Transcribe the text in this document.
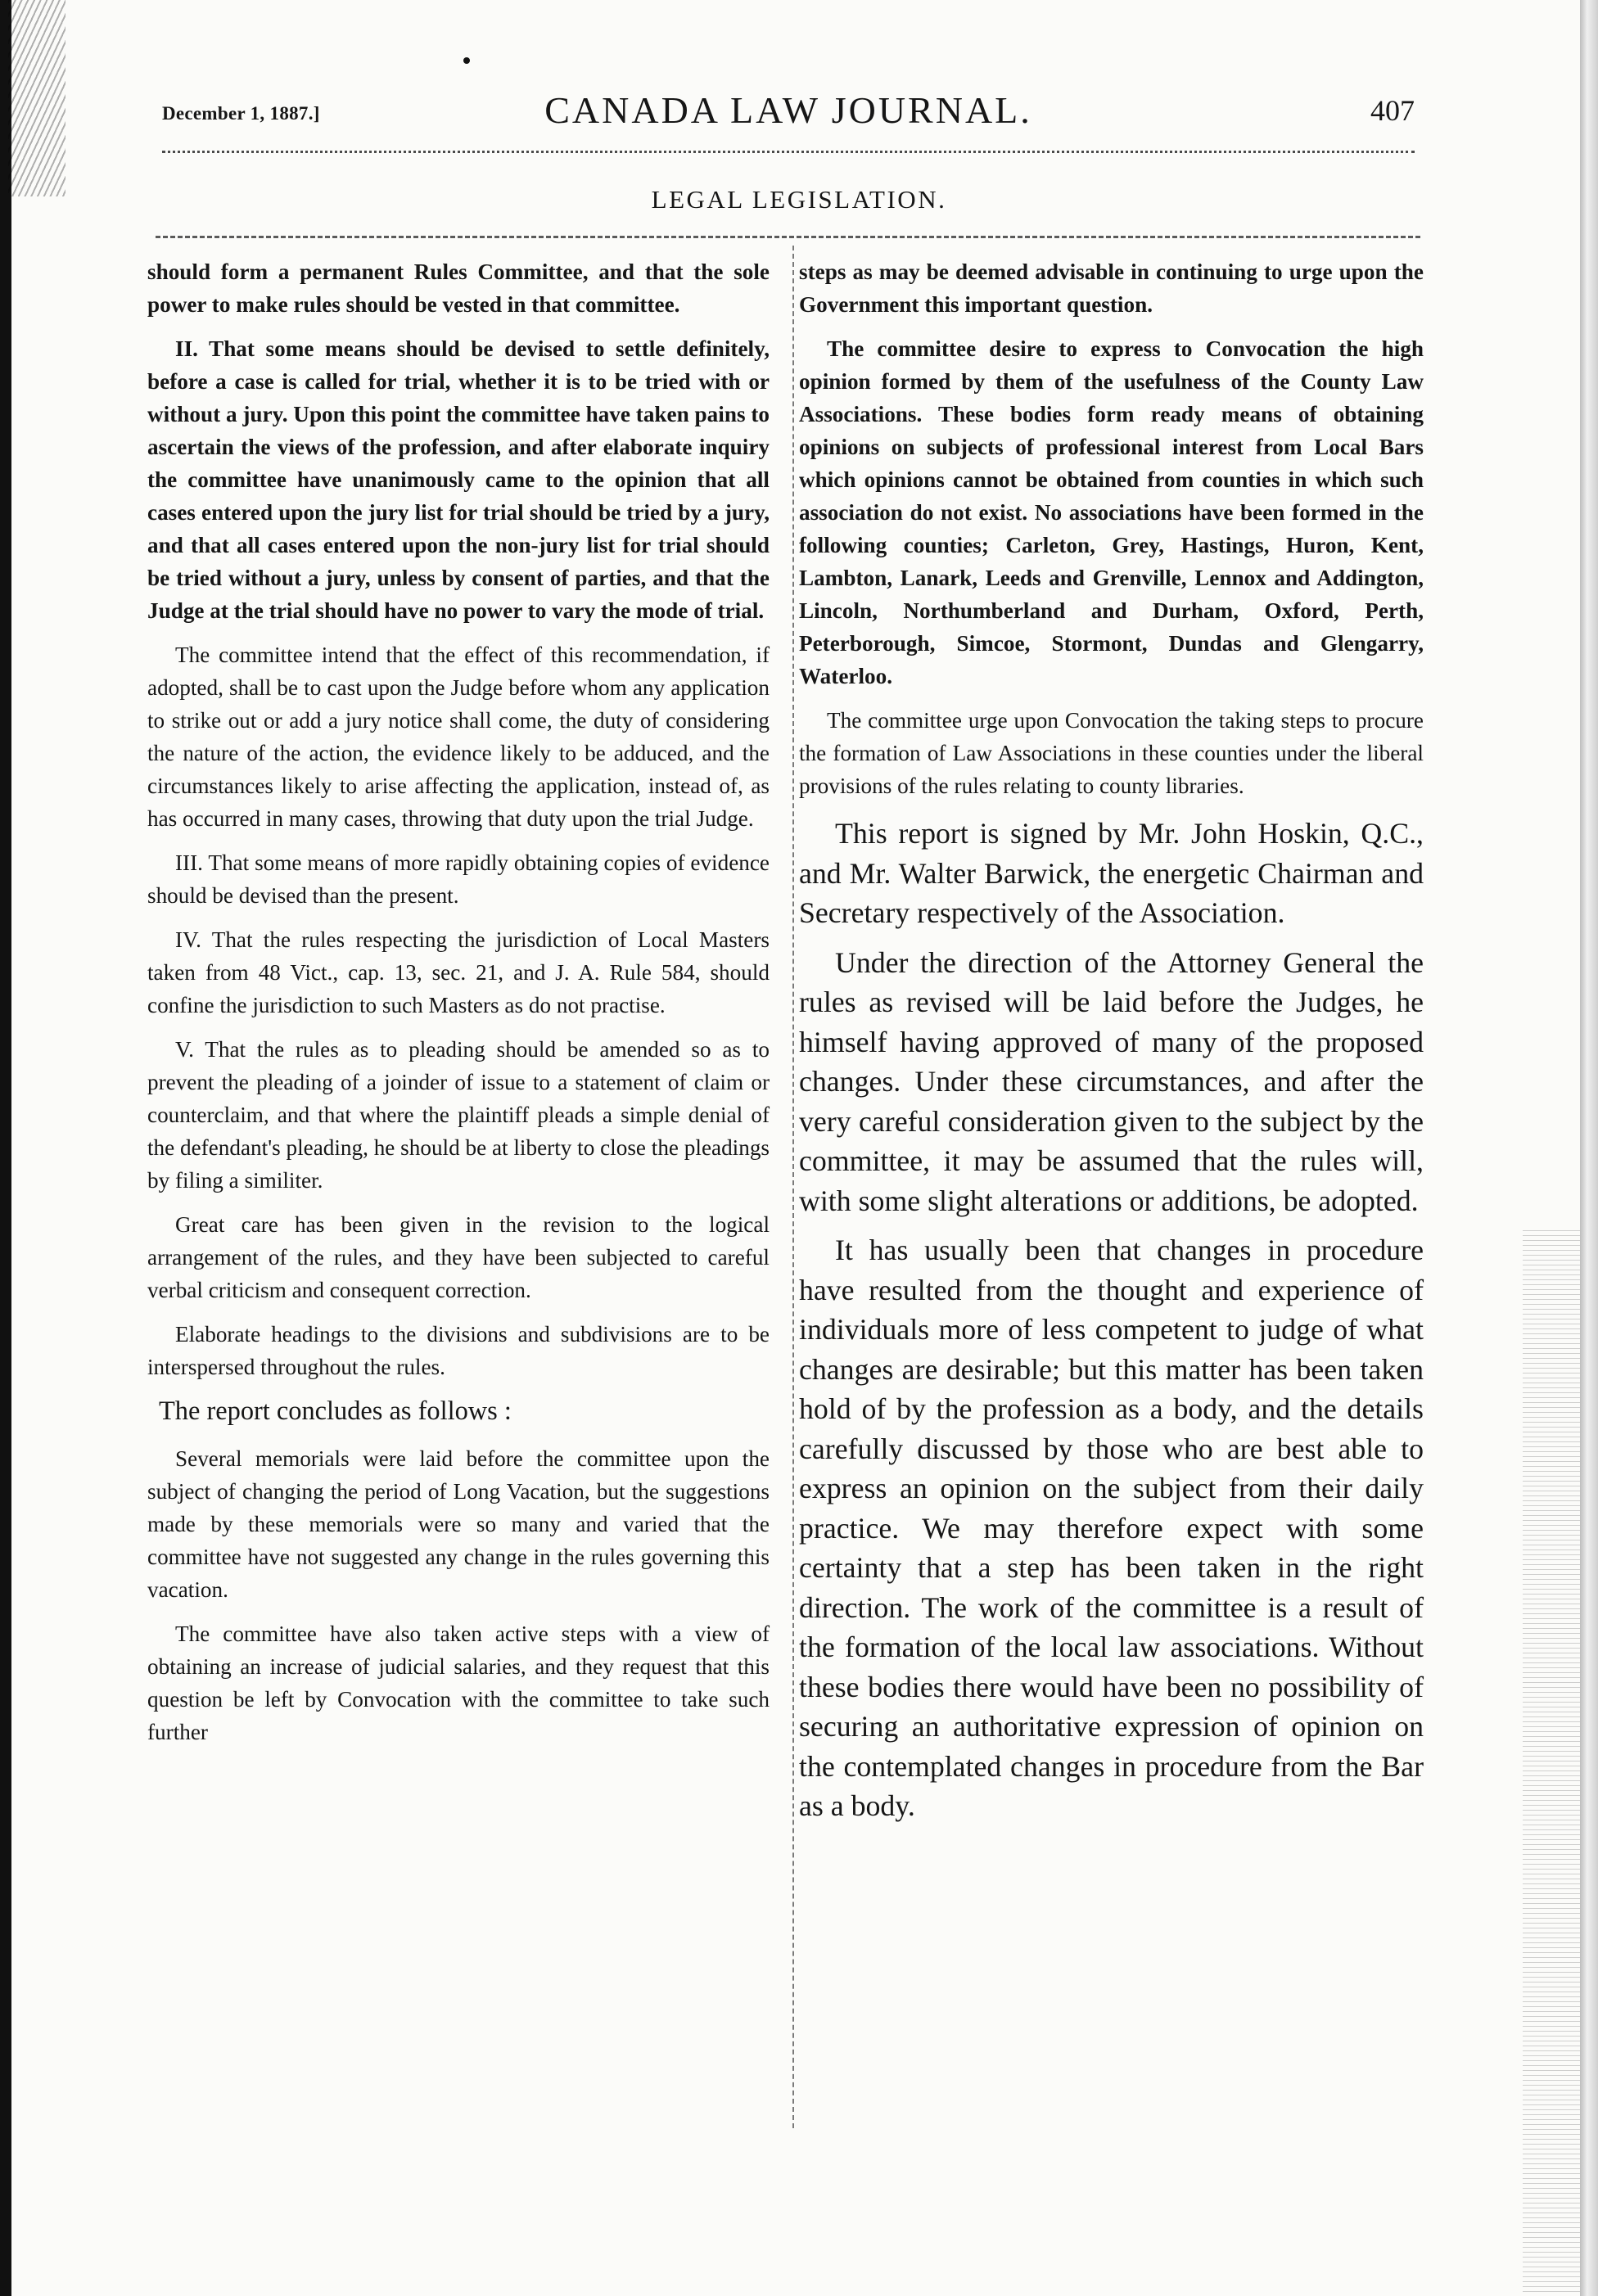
December 1, 1887.]	CANADA LAW JOURNAL.	407
LEGAL LEGISLATION.

should form a permanent Rules Committee, and that the sole power to make rules should be vested in that committee.

II. That some means should be devised to settle definitely, before a case is called for trial, whether it is to be tried with or without a jury. Upon this point the committee have taken pains to ascertain the views of the profession, and after elaborate inquiry the committee have unanimously came to the opinion that all cases entered upon the jury list for trial should be tried by a jury, and that all cases entered upon the non-jury list for trial should be tried without a jury, unless by consent of parties, and that the Judge at the trial should have no power to vary the mode of trial.

The committee intend that the effect of this recommendation, if adopted, shall be to cast upon the Judge before whom any application to strike out or add a jury notice shall come, the duty of considering the nature of the action, the evidence likely to be adduced, and the circumstances likely to arise affecting the application, instead of, as has occurred in many cases, throwing that duty upon the trial Judge.

III. That some means of more rapidly obtaining copies of evidence should be devised than the present.

IV. That the rules respecting the jurisdiction of Local Masters taken from 48 Vict., cap. 13, sec. 21, and J. A. Rule 584, should confine the jurisdiction to such Masters as do not practise.

V. That the rules as to pleading should be amended so as to prevent the pleading of a joinder of issue to a statement of claim or counterclaim, and that where the plaintiff pleads a simple denial of the defendant's pleading, he should be at liberty to close the pleadings by filing a similiter.

Great care has been given in the revision to the logical arrangement of the rules, and they have been subjected to careful verbal criticism and consequent correction.

Elaborate headings to the divisions and subdivisions are to be interspersed throughout the rules.

The report concludes as follows :

Several memorials were laid before the committee upon the subject of changing the period of Long Vacation, but the suggestions made by these memorials were so many and varied that the committee have not suggested any change in the rules governing this vacation.

The committee have also taken active steps with a view of obtaining an increase of judicial salaries, and they request that this question be left by Convocation with the committee to take such further

steps as may be deemed advisable in continuing to urge upon the Government this important question.

The committee desire to express to Convocation the high opinion formed by them of the usefulness of the County Law Associations. These bodies form ready means of obtaining opinions on subjects of professional interest from Local Bars which opinions cannot be obtained from counties in which such association do not exist. No associations have been formed in the following counties; Carleton, Grey, Hastings, Huron, Kent, Lambton, Lanark, Leeds and Grenville, Lennox and Addington, Lincoln, Northumberland and Durham, Oxford, Perth, Peterborough, Simcoe, Stormont, Dundas and Glengarry, Waterloo.

The committee urge upon Convocation the taking steps to procure the formation of Law Associations in these counties under the liberal provisions of the rules relating to county libraries.

This report is signed by Mr. John Hoskin, Q.C., and Mr. Walter Barwick, the energetic Chairman and Secretary respectively of the Association.

Under the direction of the Attorney General the rules as revised will be laid before the Judges, he himself having approved of many of the proposed changes. Under these circumstances, and after the very careful consideration given to the subject by the committee, it may be assumed that the rules will, with some slight alterations or additions, be adopted.

It has usually been that changes in procedure have resulted from the thought and experience of individuals more of less competent to judge of what changes are desirable; but this matter has been taken hold of by the profession as a body, and the details carefully discussed by those who are best able to express an opinion on the subject from their daily practice. We may therefore expect with some certainty that a step has been taken in the right direction. The work of the committee is a result of the formation of the local law associations. Without these bodies there would have been no possibility of securing an authoritative expression of opinion on the contemplated changes in procedure from the Bar as a body.
